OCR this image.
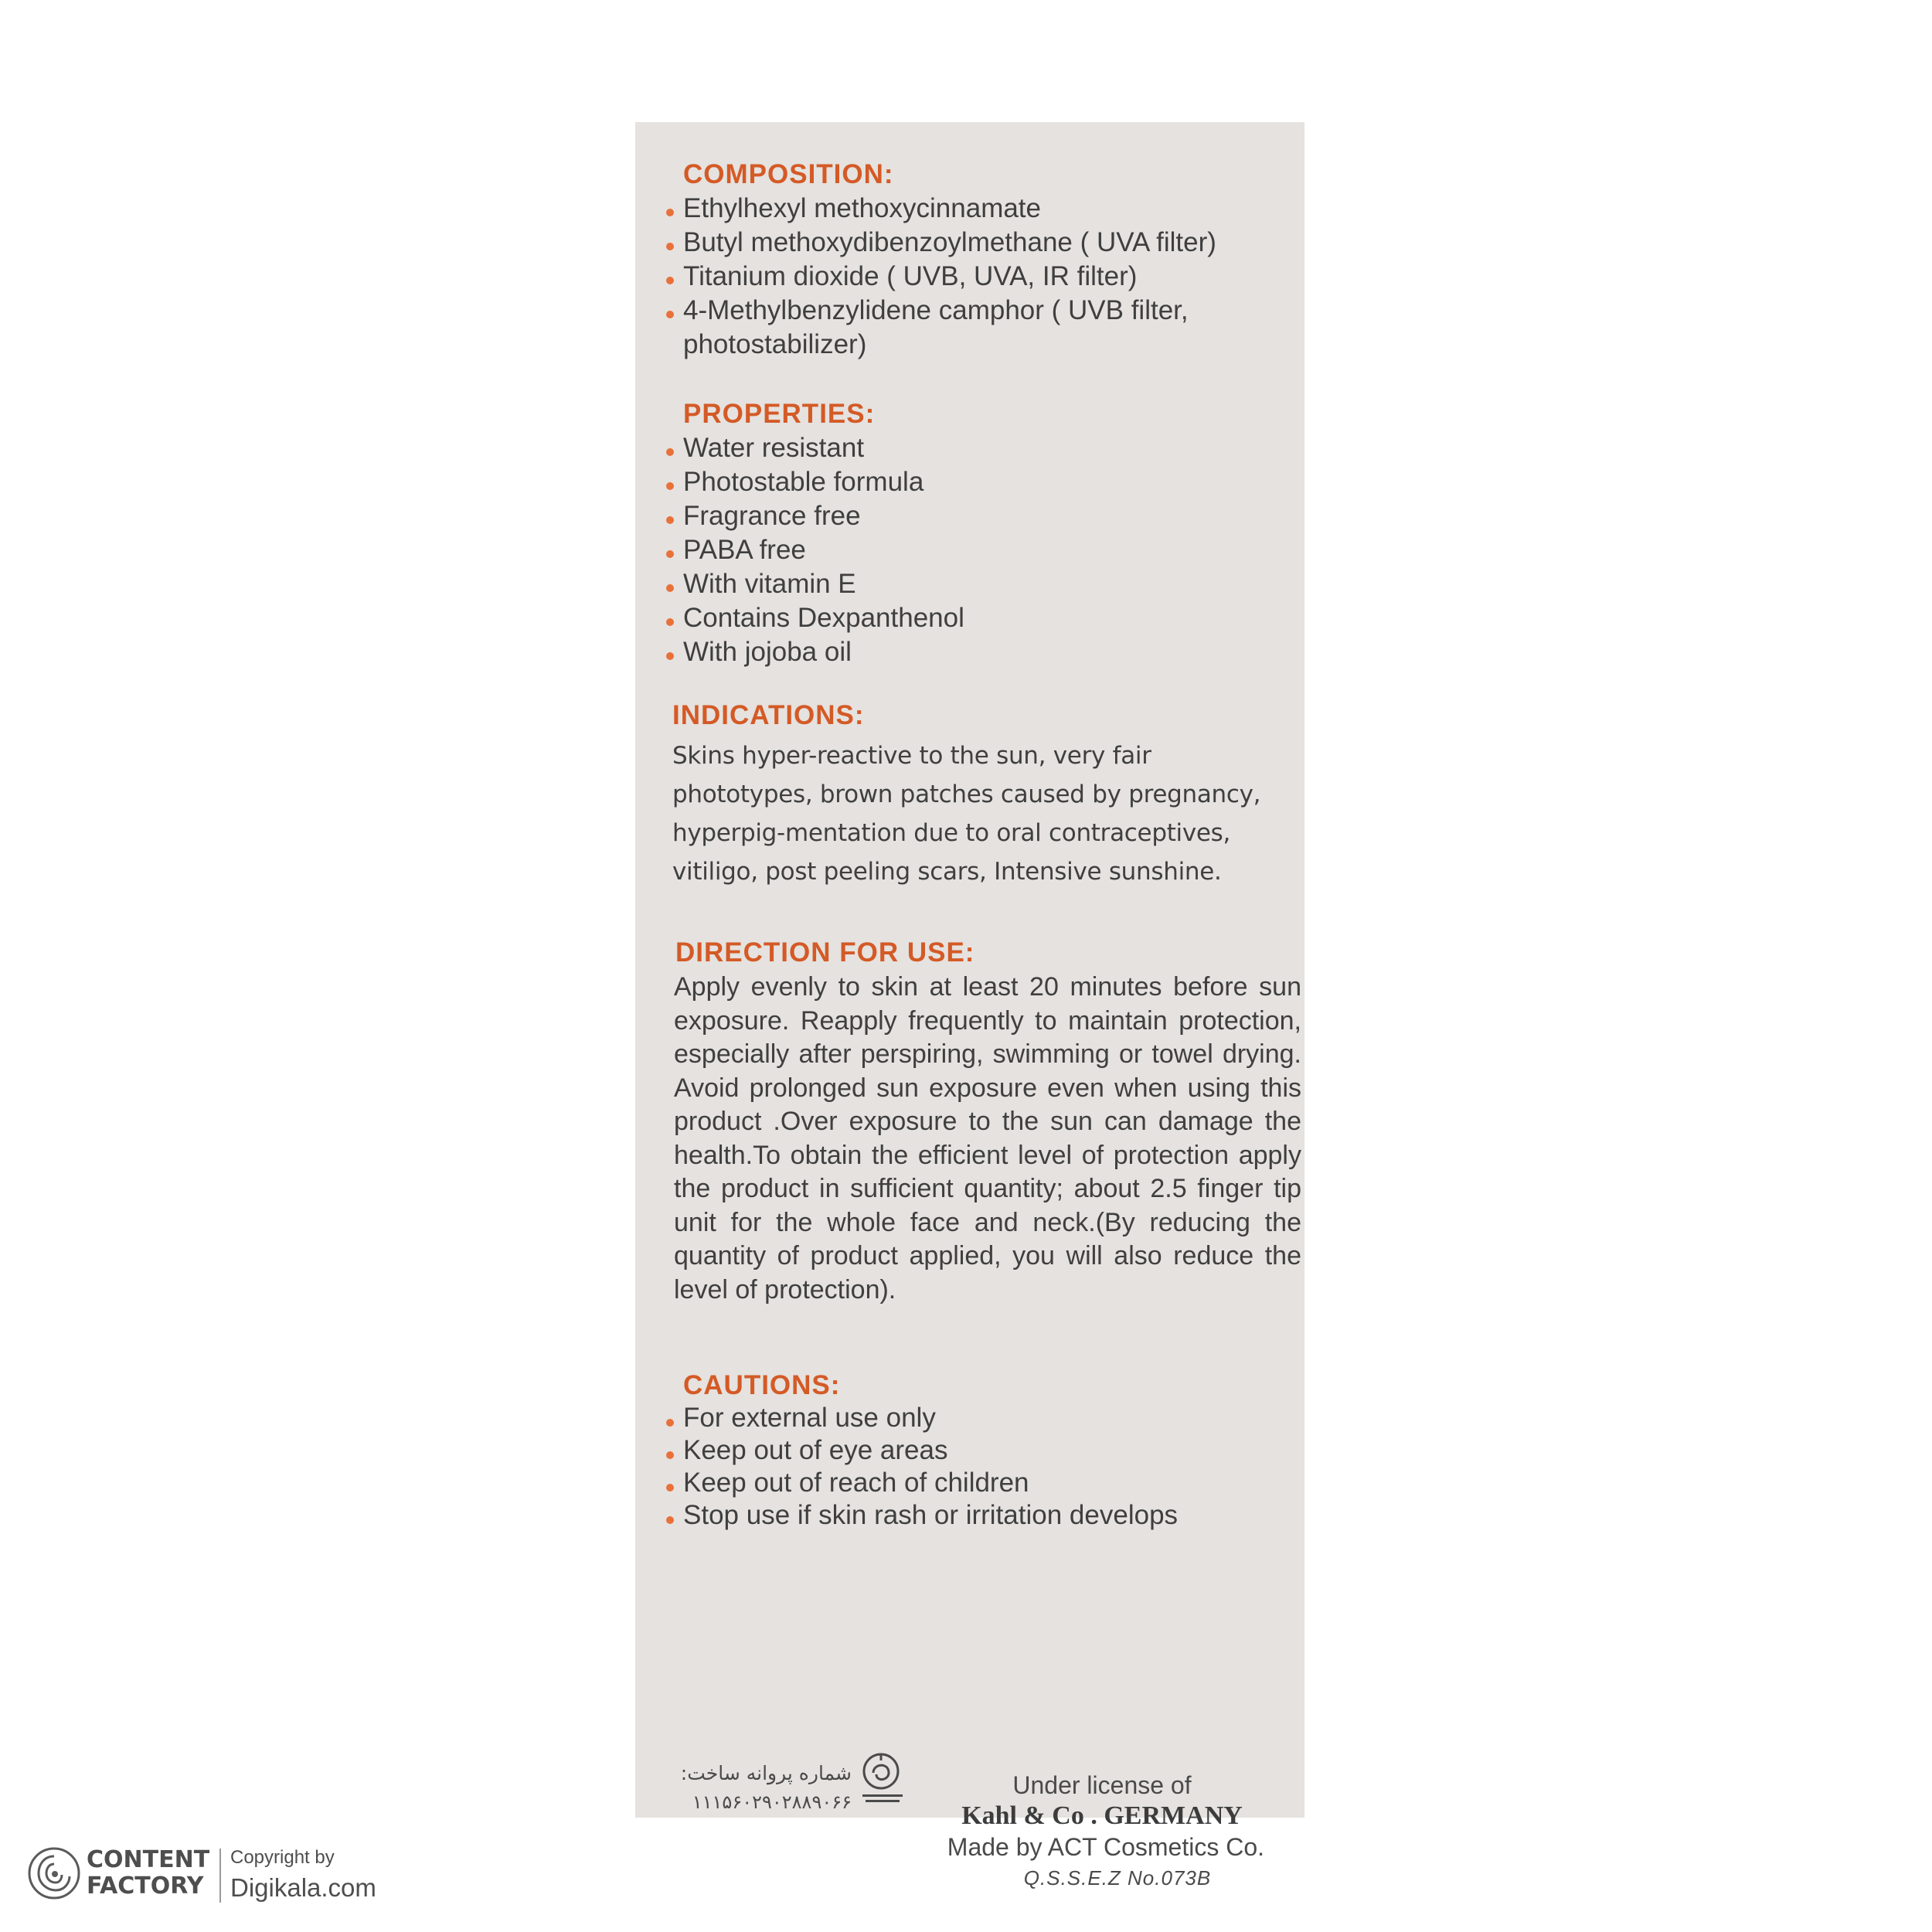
COMPOSITION:
Ethylhexyl methoxycinnamate
Butyl methoxydibenzoylmethane ( UVA filter)
Titanium dioxide ( UVB, UVA, IR filter)
4-Methylbenzylidene camphor ( UVB filter,
photostabilizer)
PROPERTIES:
Water resistant
Photostable formula
Fragrance free
PABA free
With vitamin E
Contains Dexpanthenol
With jojoba oil
INDICATIONS:

Skins hyper-reactive to the sun, very fair phototypes, brown patches caused by pregnancy, hyperpig-mentation due to oral contraceptives, vitiligo, post peeling scars, Intensive sunshine.

DIRECTION FOR USE:

Apply evenly to skin at least 20 minutes before sun exposure. Reapply frequently to maintain protection, especially after perspiring, swimming or towel drying. Avoid prolonged sun exposure even when using this product .Over exposure to the sun can damage the health.To obtain the efficient level of protection apply the product in sufficient quantity; about 2.5 finger tip unit for the whole face and neck.(By reducing the quantity of product applied, you will also reduce the level of protection).

CAUTIONS:
For external use only
Keep out of eye areas
Keep out of reach of children
Stop use if skin rash or irritation develops
شماره پروانه ساخت:
۱۱۱۵۶۰۲۹۰۲۸۸۹۰۶۶
Under license of
Kahl & Co . GERMANY
Made by ACT Cosmetics Co.
Q.S.S.E.Z No.073B
CONTENT
FACTORY
Copyright by
Digikala.com
